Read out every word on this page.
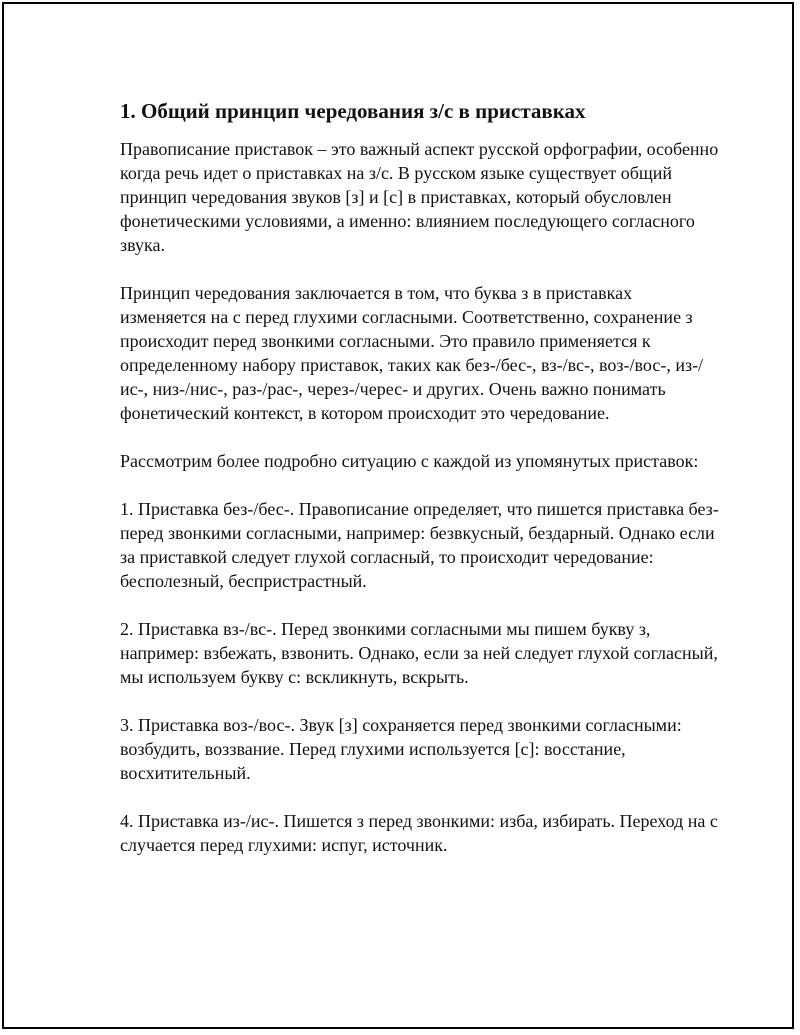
1. Общий принцип чередования з/с в приставках

Правописание приставок – это важный аспект русской орфографии, особенно когда речь идет о приставках на з/с. В русском языке существует общий принцип чередования звуков [з] и [с] в приставках, который обусловлен фонетическими условиями, а именно: влиянием последующего согласного звука.

Принцип чередования заключается в том, что буква з в приставках изменяется на с перед глухими согласными. Соответственно, сохранение з происходит перед звонкими согласными. Это правило применяется к определенному набору приставок, таких как без-/бес-, вз-/вс-, воз-/вос-, из-/ис-, низ-/нис-, раз-/рас-, через-/черес- и других. Очень важно понимать фонетический контекст, в котором происходит это чередование.

Рассмотрим более подробно ситуацию с каждой из упомянутых приставок:

1. Приставка без-/бес-. Правописание определяет, что пишется приставка без- перед звонкими согласными, например: безвкусный, бездарный. Однако если за приставкой следует глухой согласный, то происходит чередование: бесполезный, беспристрастный.

2. Приставка вз-/вс-. Перед звонкими согласными мы пишем букву з, например: взбежать, взвонить. Однако, если за ней следует глухой согласный, мы используем букву с: вскликнуть, вскрыть.

3. Приставка воз-/вос-. Звук [з] сохраняется перед звонкими согласными: возбудить, воззвание. Перед глухими используется [с]: восстание, восхитительный.

4. Приставка из-/ис-. Пишется з перед звонкими: изба, избирать. Переход на с случается перед глухими: испуг, источник.
